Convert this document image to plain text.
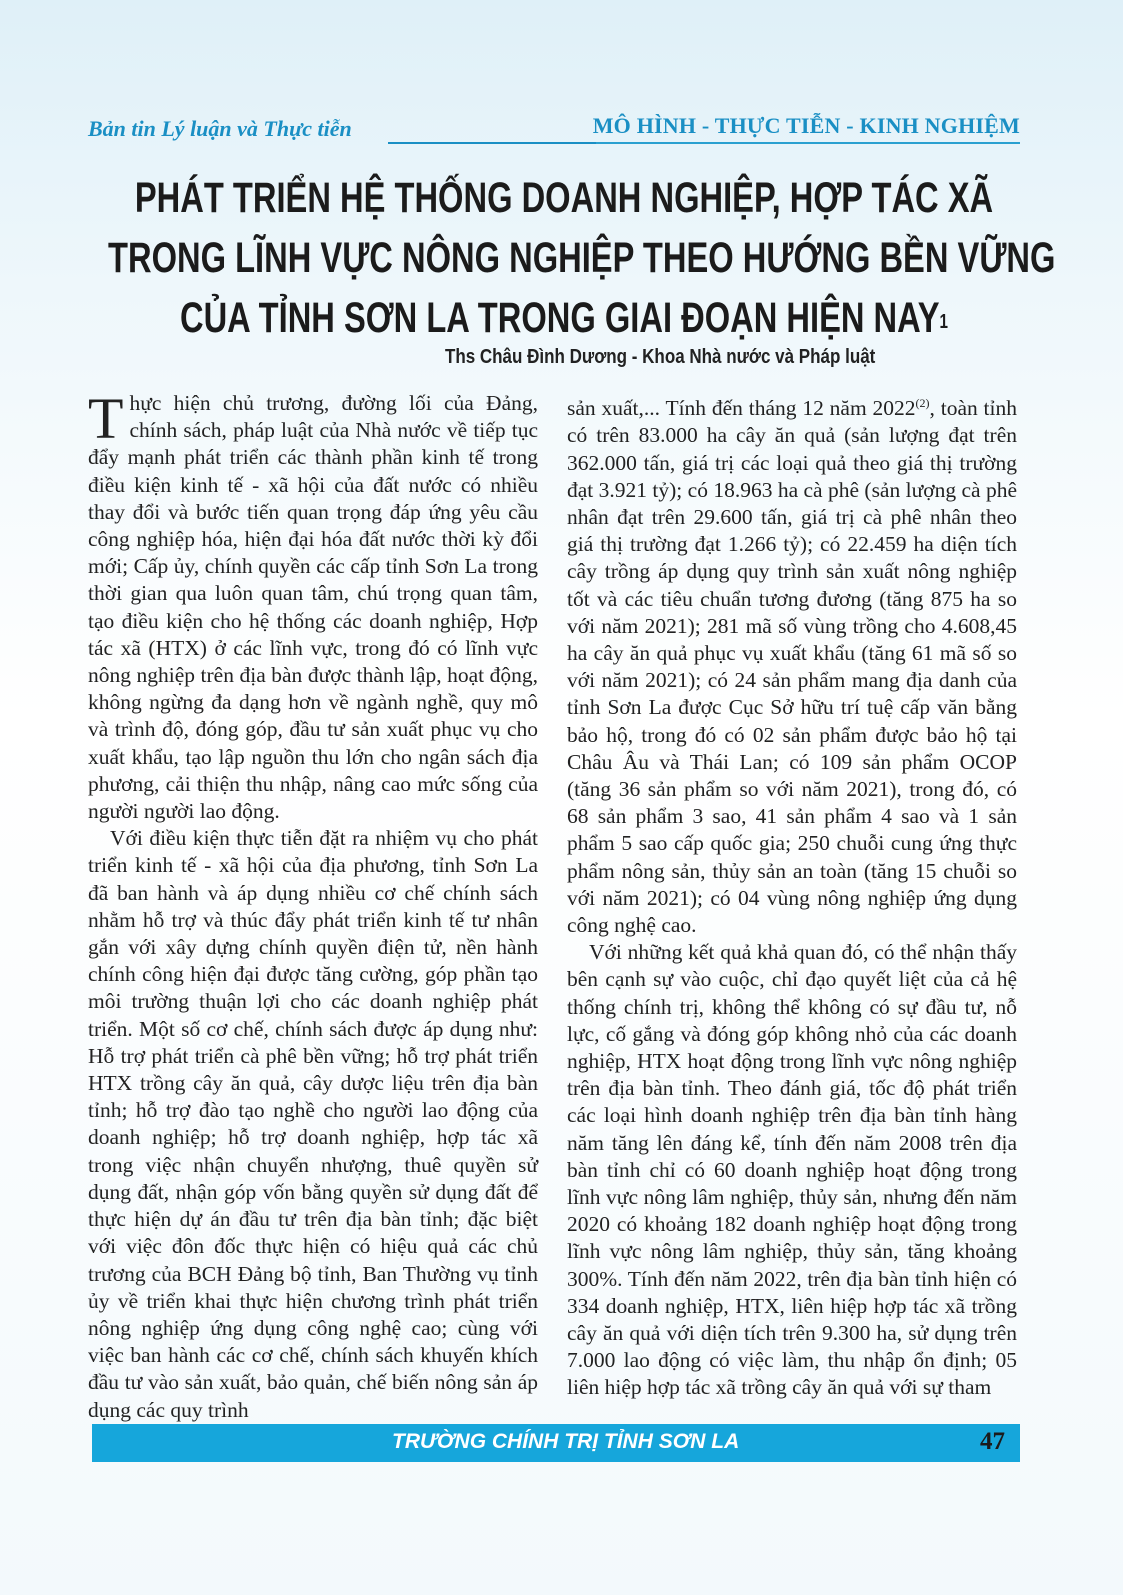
Bản tin Lý luận và Thực tiễn	MÔ HÌNH - THỰC TIỄN - KINH NGHIỆM
PHÁT TRIỂN HỆ THỐNG DOANH NGHIỆP, HỢP TÁC XÃ
TRONG LĨNH VỰC NÔNG NGHIỆP THEO HƯỚNG BỀN VỮNG
CỦA TỈNH SƠN LA TRONG GIAI ĐOẠN HIỆN NAY$^1$
Ths Châu Đình Dương - Khoa Nhà nước và Pháp luật

Thực hiện chủ trương, đường lối của Đảng, chính sách, pháp luật của Nhà nước về tiếp tục đẩy mạnh phát triển các thành phần kinh tế trong điều kiện kinh tế - xã hội của đất nước có nhiều thay đổi và bước tiến quan trọng đáp ứng yêu cầu công nghiệp hóa, hiện đại hóa đất nước thời kỳ đổi mới; Cấp ủy, chính quyền các cấp tỉnh Sơn La trong thời gian qua luôn quan tâm, chú trọng quan tâm, tạo điều kiện cho hệ thống các doanh nghiệp, Hợp tác xã (HTX) ở các lĩnh vực, trong đó có lĩnh vực nông nghiệp trên địa bàn được thành lập, hoạt động, không ngừng đa dạng hơn về ngành nghề, quy mô và trình độ, đóng góp, đầu tư sản xuất phục vụ cho xuất khẩu, tạo lập nguồn thu lớn cho ngân sách địa phương, cải thiện thu nhập, nâng cao mức sống của người người lao động.

Với điều kiện thực tiễn đặt ra nhiệm vụ cho phát triển kinh tế - xã hội của địa phương, tỉnh Sơn La đã ban hành và áp dụng nhiều cơ chế chính sách nhằm hỗ trợ và thúc đẩy phát triển kinh tế tư nhân gắn với xây dựng chính quyền điện tử, nền hành chính công hiện đại được tăng cường, góp phần tạo môi trường thuận lợi cho các doanh nghiệp phát triển. Một số cơ chế, chính sách được áp dụng như: Hỗ trợ phát triển cà phê bền vững; hỗ trợ phát triển HTX trồng cây ăn quả, cây dược liệu trên địa bàn tỉnh; hỗ trợ đào tạo nghề cho người lao động của doanh nghiệp; hỗ trợ doanh nghiệp, hợp tác xã trong việc nhận chuyển nhượng, thuê quyền sử dụng đất, nhận góp vốn bằng quyền sử dụng đất để thực hiện dự án đầu tư trên địa bàn tỉnh; đặc biệt với việc đôn đốc thực hiện có hiệu quả các chủ trương của BCH Đảng bộ tỉnh, Ban Thường vụ tỉnh ủy về triển khai thực hiện chương trình phát triển nông nghiệp ứng dụng công nghệ cao; cùng với việc ban hành các cơ chế, chính sách khuyến khích đầu tư vào sản xuất, bảo quản, chế biến nông sản áp dụng các quy trình

sản xuất,... Tính đến tháng 12 năm 2022$^{(2)}$, toàn tỉnh có trên 83.000 ha cây ăn quả (sản lượng đạt trên 362.000 tấn, giá trị các loại quả theo giá thị trường đạt 3.921 tỷ); có 18.963 ha cà phê (sản lượng cà phê nhân đạt trên 29.600 tấn, giá trị cà phê nhân theo giá thị trường đạt 1.266 tỷ); có 22.459 ha diện tích cây trồng áp dụng quy trình sản xuất nông nghiệp tốt và các tiêu chuẩn tương đương (tăng 875 ha so với năm 2021); 281 mã số vùng trồng cho 4.608,45 ha cây ăn quả phục vụ xuất khẩu (tăng 61 mã số so với năm 2021); có 24 sản phẩm mang địa danh của tỉnh Sơn La được Cục Sở hữu trí tuệ cấp văn bằng bảo hộ, trong đó có 02 sản phẩm được bảo hộ tại Châu Âu và Thái Lan; có 109 sản phẩm OCOP (tăng 36 sản phẩm so với năm 2021), trong đó, có 68 sản phẩm 3 sao, 41 sản phẩm 4 sao và 1 sản phẩm 5 sao cấp quốc gia; 250 chuỗi cung ứng thực phẩm nông sản, thủy sản an toàn (tăng 15 chuỗi so với năm 2021); có 04 vùng nông nghiệp ứng dụng công nghệ cao.

Với những kết quả khả quan đó, có thể nhận thấy bên cạnh sự vào cuộc, chỉ đạo quyết liệt của cả hệ thống chính trị, không thể không có sự đầu tư, nỗ lực, cố gắng và đóng góp không nhỏ của các doanh nghiệp, HTX hoạt động trong lĩnh vực nông nghiệp trên địa bàn tỉnh. Theo đánh giá, tốc độ phát triển các loại hình doanh nghiệp trên địa bàn tỉnh hàng năm tăng lên đáng kể, tính đến năm 2008 trên địa bàn tỉnh chỉ có 60 doanh nghiệp hoạt động trong lĩnh vực nông lâm nghiệp, thủy sản, nhưng đến năm 2020 có khoảng 182 doanh nghiệp hoạt động trong lĩnh vực nông lâm nghiệp, thủy sản, tăng khoảng 300%. Tính đến năm 2022, trên địa bàn tỉnh hiện có 334 doanh nghiệp, HTX, liên hiệp hợp tác xã trồng cây ăn quả với diện tích trên 9.300 ha, sử dụng trên 7.000 lao động có việc làm, thu nhập ổn định; 05 liên hiệp hợp tác xã trồng cây ăn quả với sự tham

TRƯỜNG CHÍNH TRỊ TỈNH SƠN LA	47
